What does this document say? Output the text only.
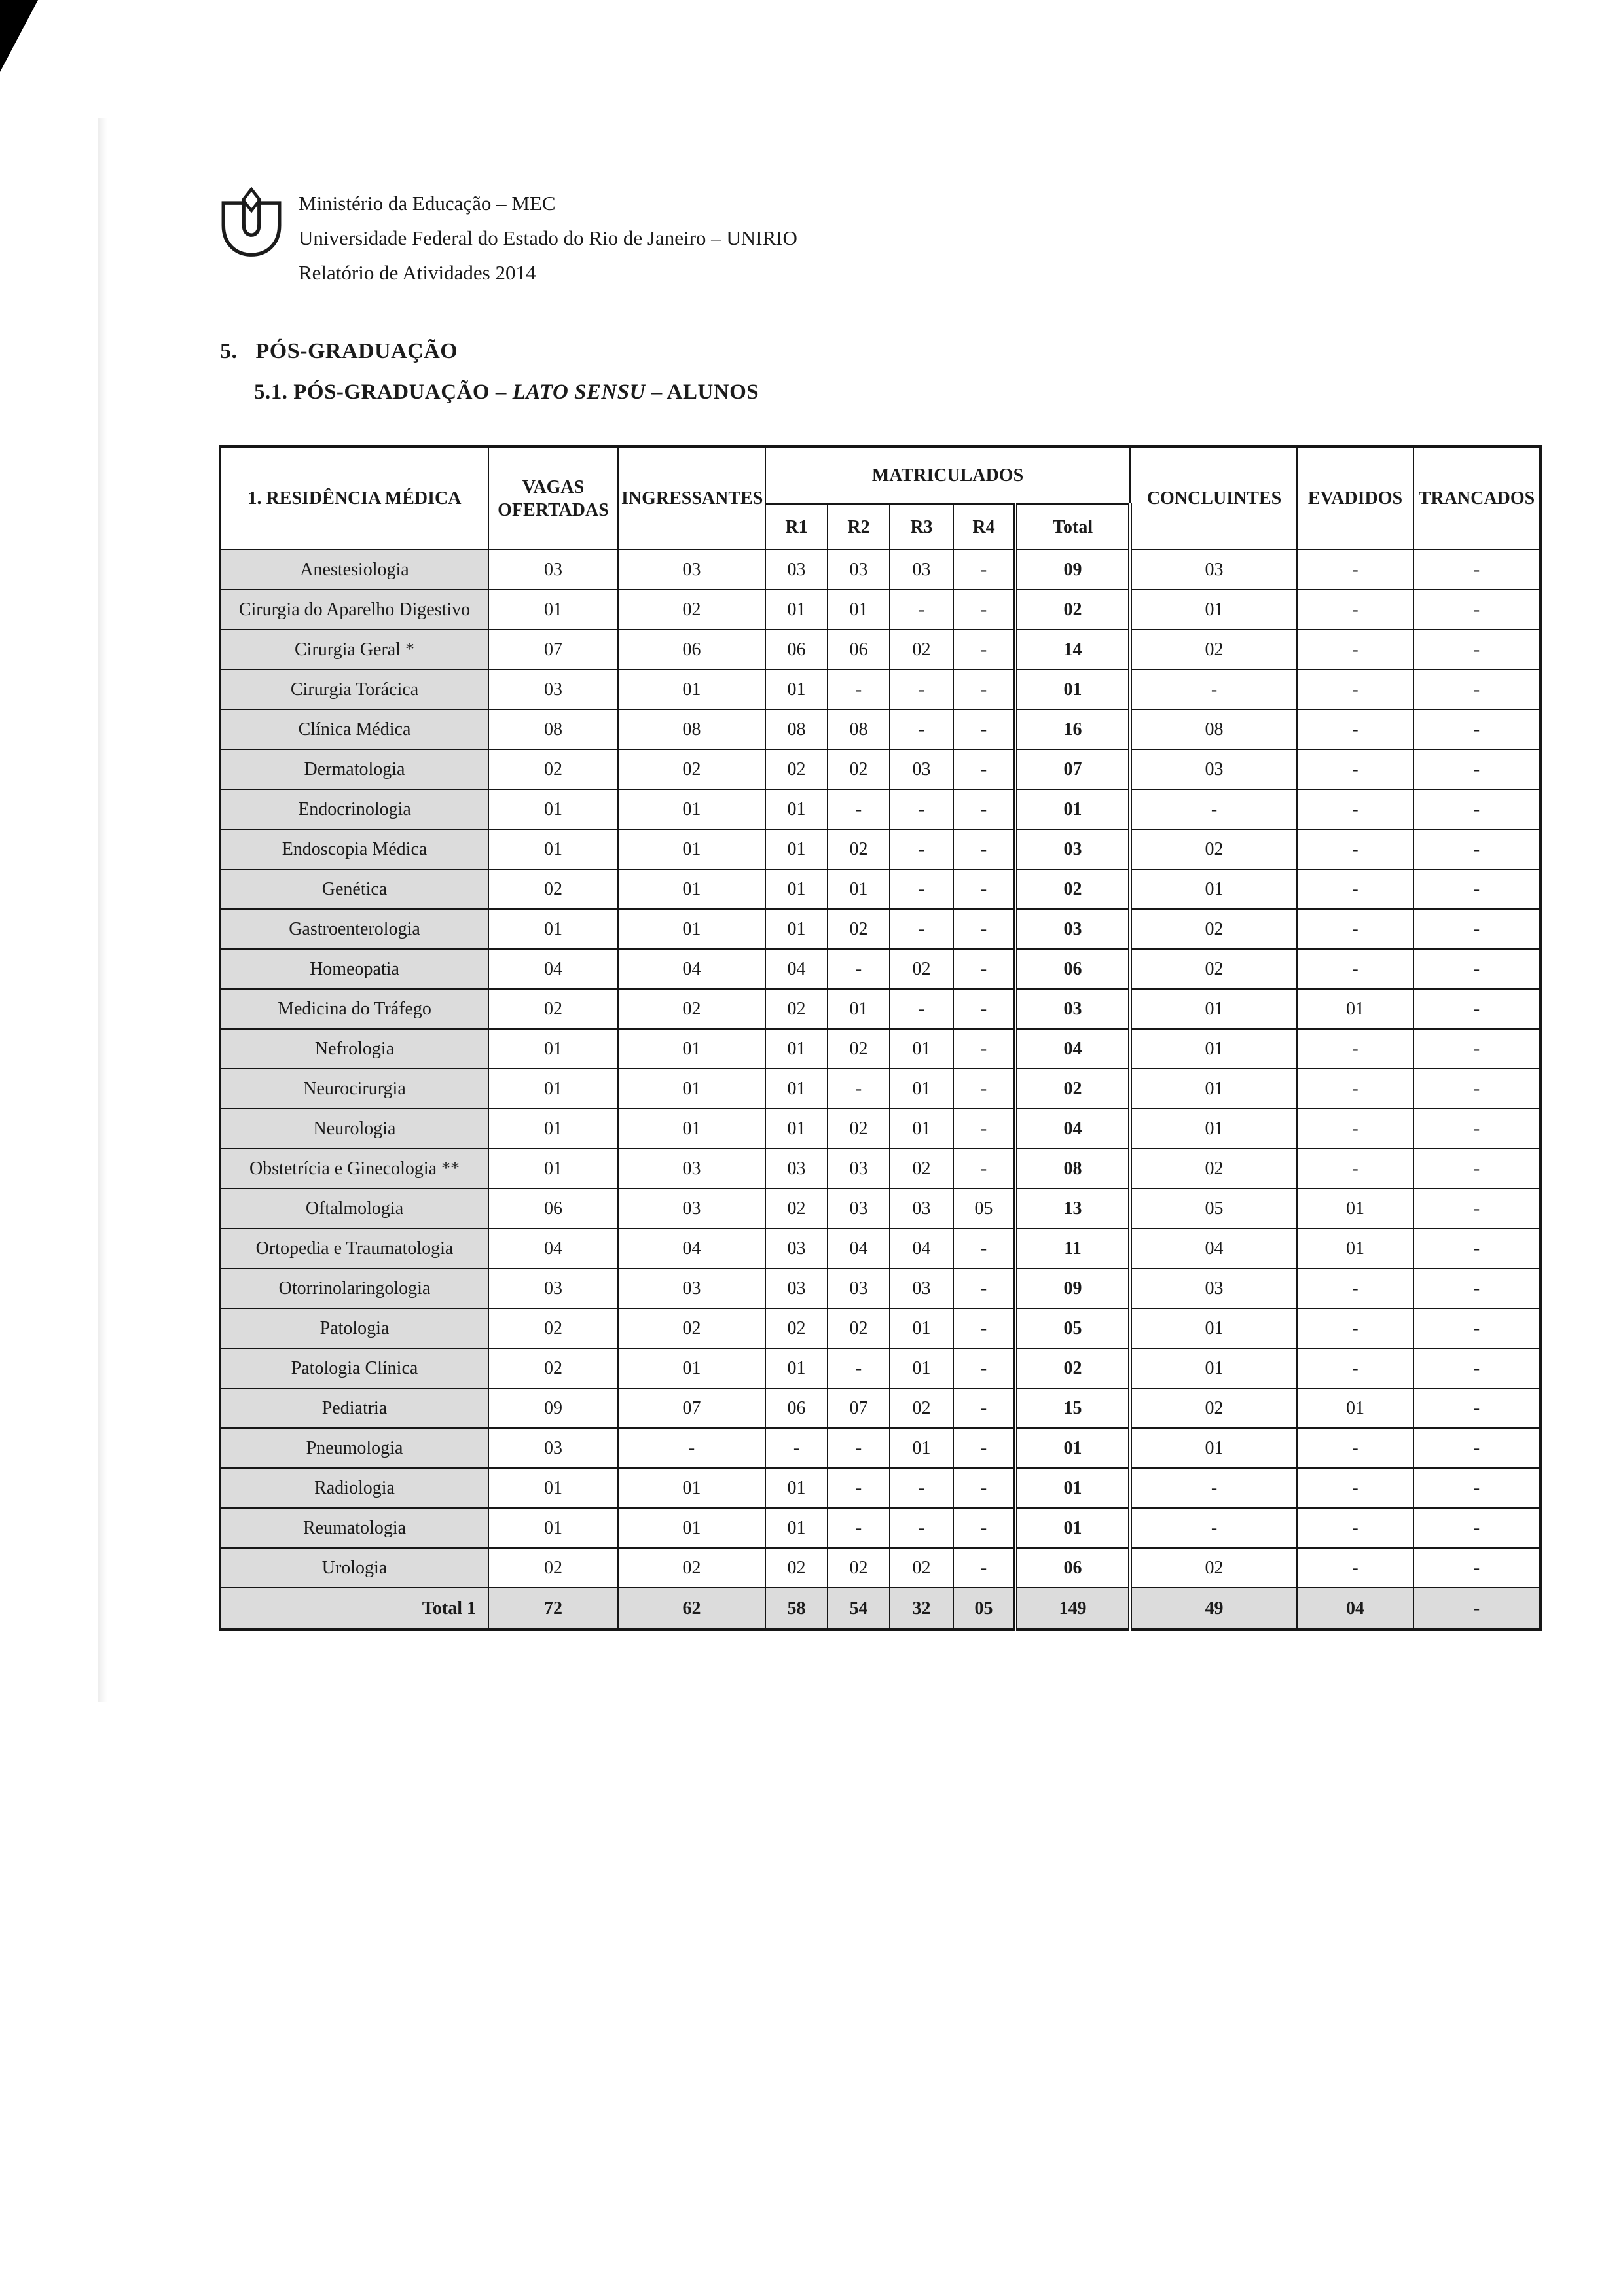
Ministério da Educação – MEC
Universidade Federal do Estado do Rio de Janeiro – UNIRIO
Relatório de Atividades 2014
5. PÓS-GRADUAÇÃO
5.1. PÓS-GRADUAÇÃO – LATO SENSU – ALUNOS
1. RESIDÊNCIA MÉDICA	VAGAS OFERTADAS	INGRESSANTES	MATRICULADOS					CONCLUINTES	EVADIDOS	TRANCADOS
			R1	R2	R3	R4	Total			
Anestesiologia	03	03	03	03	03	-	09	03	-	-
Cirurgia do Aparelho Digestivo	01	02	01	01	-	-	02	01	-	-
Cirurgia Geral *	07	06	06	06	02	-	14	02	-	-
Cirurgia Torácica	03	01	01	-	-	-	01	-	-	-
Clínica Médica	08	08	08	08	-	-	16	08	-	-
Dermatologia	02	02	02	02	03	-	07	03	-	-
Endocrinologia	01	01	01	-	-	-	01	-	-	-
Endoscopia Médica	01	01	01	02	-	-	03	02	-	-
Genética	02	01	01	01	-	-	02	01	-	-
Gastroenterologia	01	01	01	02	-	-	03	02	-	-
Homeopatia	04	04	04	-	02	-	06	02	-	-
Medicina do Tráfego	02	02	02	01	-	-	03	01	01	-
Nefrologia	01	01	01	02	01	-	04	01	-	-
Neurocirurgia	01	01	01	-	01	-	02	01	-	-
Neurologia	01	01	01	02	01	-	04	01	-	-
Obstetrícia e Ginecologia **	01	03	03	03	02	-	08	02	-	-
Oftalmologia	06	03	02	03	03	05	13	05	01	-
Ortopedia e Traumatologia	04	04	03	04	04	-	11	04	01	-
Otorrinolaringologia	03	03	03	03	03	-	09	03	-	-
Patologia	02	02	02	02	01	-	05	01	-	-
Patologia Clínica	02	01	01	-	01	-	02	01	-	-
Pediatria	09	07	06	07	02	-	15	02	01	-
Pneumologia	03	-	-	-	01	-	01	01	-	-
Radiologia	01	01	01	-	-	-	01	-	-	-
Reumatologia	01	01	01	-	-	-	01	-	-	-
Urologia	02	02	02	02	02	-	06	02	-	-
Total 1	72	62	58	54	32	05	149	49	04	-
